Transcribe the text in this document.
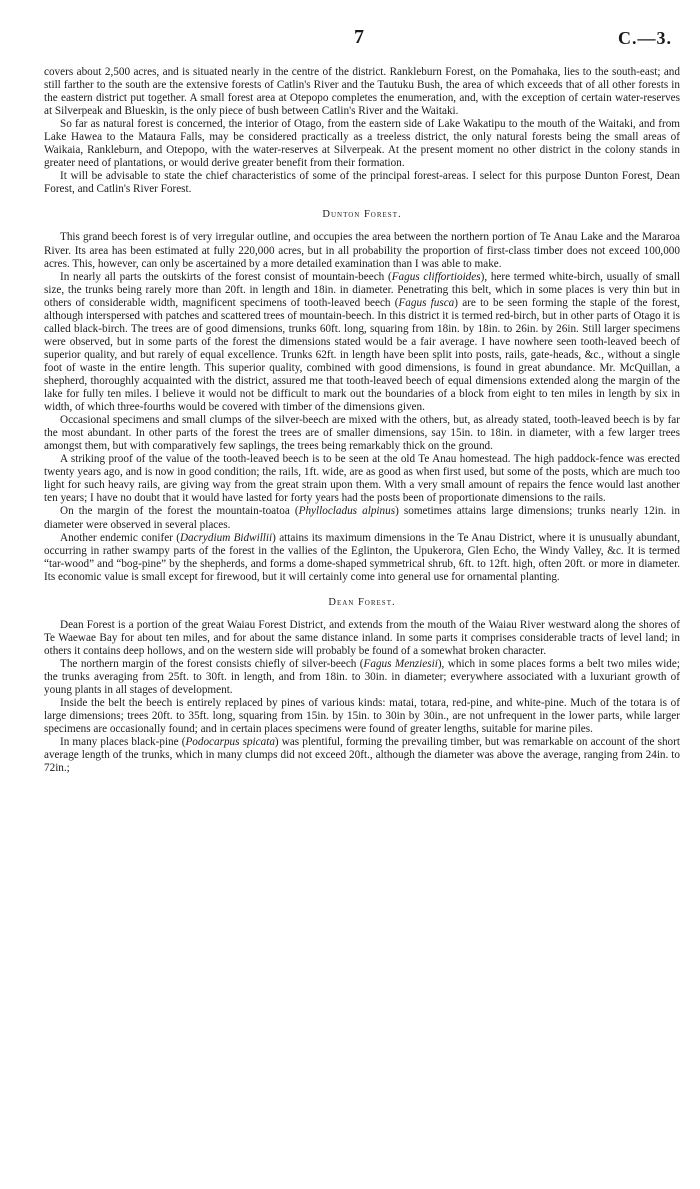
7	C.—3.

covers about 2,500 acres, and is situated nearly in the centre of the district. Rankleburn Forest, on the Pomahaka, lies to the south-east; and still farther to the south are the extensive forests of Catlin's River and the Tautuku Bush, the area of which exceeds that of all other forests in the eastern district put together. A small forest area at Otepopo completes the enumeration, and, with the exception of certain water-reserves at Silverpeak and Blueskin, is the only piece of bush between Catlin's River and the Waitaki.

So far as natural forest is concerned, the interior of Otago, from the eastern side of Lake Wakatipu to the mouth of the Waitaki, and from Lake Hawea to the Mataura Falls, may be considered practically as a treeless district, the only natural forests being the small areas of Waikaia, Rankleburn, and Otepopo, with the water-reserves at Silverpeak. At the present moment no other district in the colony stands in greater need of plantations, or would derive greater benefit from their formation.

It will be advisable to state the chief characteristics of some of the principal forest-areas. I select for this purpose Dunton Forest, Dean Forest, and Catlin's River Forest.

Dunton Forest.

This grand beech forest is of very irregular outline, and occupies the area between the northern portion of Te Anau Lake and the Mararoa River. Its area has been estimated at fully 220,000 acres, but in all probability the proportion of first-class timber does not exceed 100,000 acres. This, however, can only be ascertained by a more detailed examination than I was able to make.

In nearly all parts the outskirts of the forest consist of mountain-beech (Fagus cliffortioides), here termed white-birch, usually of small size, the trunks being rarely more than 20ft. in length and 18in. in diameter. Penetrating this belt, which in some places is very thin but in others of considerable width, magnificent specimens of tooth-leaved beech (Fagus fusca) are to be seen forming the staple of the forest, although interspersed with patches and scattered trees of mountain-beech. In this district it is termed red-birch, but in other parts of Otago it is called black-birch. The trees are of good dimensions, trunks 60ft. long, squaring from 18in. by 18in. to 26in. by 26in. Still larger specimens were observed, but in some parts of the forest the dimensions stated would be a fair average. I have nowhere seen tooth-leaved beech of superior quality, and but rarely of equal excellence. Trunks 62ft. in length have been split into posts, rails, gate-heads, &c., without a single foot of waste in the entire length. This superior quality, combined with good dimensions, is found in great abundance. Mr. McQuillan, a shepherd, thoroughly acquainted with the district, assured me that tooth-leaved beech of equal dimensions extended along the margin of the lake for fully ten miles. I believe it would not be difficult to mark out the boundaries of a block from eight to ten miles in length by six in width, of which three-fourths would be covered with timber of the dimensions given.

Occasional specimens and small clumps of the silver-beech are mixed with the others, but, as already stated, tooth-leaved beech is by far the most abundant. In other parts of the forest the trees are of smaller dimensions, say 15in. to 18in. in diameter, with a few larger trees amongst them, but with comparatively few saplings, the trees being remarkably thick on the ground.

A striking proof of the value of the tooth-leaved beech is to be seen at the old Te Anau homestead. The high paddock-fence was erected twenty years ago, and is now in good condition; the rails, 1ft. wide, are as good as when first used, but some of the posts, which are much too light for such heavy rails, are giving way from the great strain upon them. With a very small amount of repairs the fence would last another ten years; I have no doubt that it would have lasted for forty years had the posts been of proportionate dimensions to the rails.

On the margin of the forest the mountain-toatoa (Phyllocladus alpinus) sometimes attains large dimensions; trunks nearly 12in. in diameter were observed in several places.

Another endemic conifer (Dacrydium Bidwillii) attains its maximum dimensions in the Te Anau District, where it is unusually abundant, occurring in rather swampy parts of the forest in the vallies of the Eglinton, the Upukerora, Glen Echo, the Windy Valley, &c. It is termed “tar-wood” and “bog-pine” by the shepherds, and forms a dome-shaped symmetrical shrub, 6ft. to 12ft. high, often 20ft. or more in diameter. Its economic value is small except for firewood, but it will certainly come into general use for ornamental planting.

Dean Forest.

Dean Forest is a portion of the great Waiau Forest District, and extends from the mouth of the Waiau River westward along the shores of Te Waewae Bay for about ten miles, and for about the same distance inland. In some parts it comprises considerable tracts of level land; in others it contains deep hollows, and on the western side will probably be found of a somewhat broken character.

The northern margin of the forest consists chiefly of silver-beech (Fagus Menziesii), which in some places forms a belt two miles wide; the trunks averaging from 25ft. to 30ft. in length, and from 18in. to 30in. in diameter; everywhere associated with a luxuriant growth of young plants in all stages of development.

Inside the belt the beech is entirely replaced by pines of various kinds: matai, totara, red-pine, and white-pine. Much of the totara is of large dimensions; trees 20ft. to 35ft. long, squaring from 15in. by 15in. to 30in by 30in., are not unfrequent in the lower parts, while larger specimens are occasionally found; and in certain places specimens were found of greater lengths, suitable for marine piles.

In many places black-pine (Podocarpus spicata) was plentiful, forming the prevailing timber, but was remarkable on account of the short average length of the trunks, which in many clumps did not exceed 20ft., although the diameter was above the average, ranging from 24in. to 72in.;
